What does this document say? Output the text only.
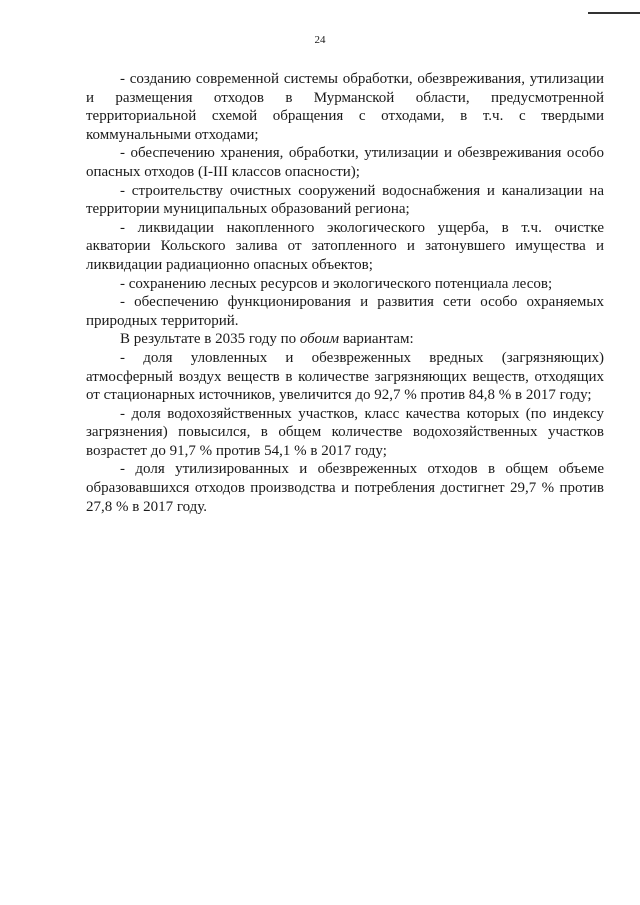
24

- созданию современной системы обработки, обезвреживания, утилизации и размещения отходов в Мурманской области, предусмотренной территориальной схемой обращения с отходами, в т.ч. с твердыми коммунальными отходами;

- обеспечению хранения, обработки, утилизации и обезвреживания особо опасных отходов (I-III классов опасности);

- строительству очистных сооружений водоснабжения и канализации на территории муниципальных образований региона;

- ликвидации накопленного экологического ущерба, в т.ч. очистке акватории Кольского залива от затопленного и затонувшего имущества и ликвидации радиационно опасных объектов;

- сохранению лесных ресурсов и экологического потенциала лесов;

- обеспечению функционирования и развития сети особо охраняемых природных территорий.

В результате в 2035 году по обоим вариантам:

- доля уловленных и обезвреженных вредных (загрязняющих) атмосферный воздух веществ в количестве загрязняющих веществ, отходящих от стационарных источников, увеличится до 92,7 % против 84,8 % в 2017 году;

- доля водохозяйственных участков, класс качества которых (по индексу загрязнения) повысился, в общем количестве водохозяйственных участков возрастет до 91,7 % против 54,1 % в 2017 году;

- доля утилизированных и обезвреженных отходов в общем объеме образовавшихся отходов производства и потребления достигнет 29,7 % против 27,8 % в 2017 году.
